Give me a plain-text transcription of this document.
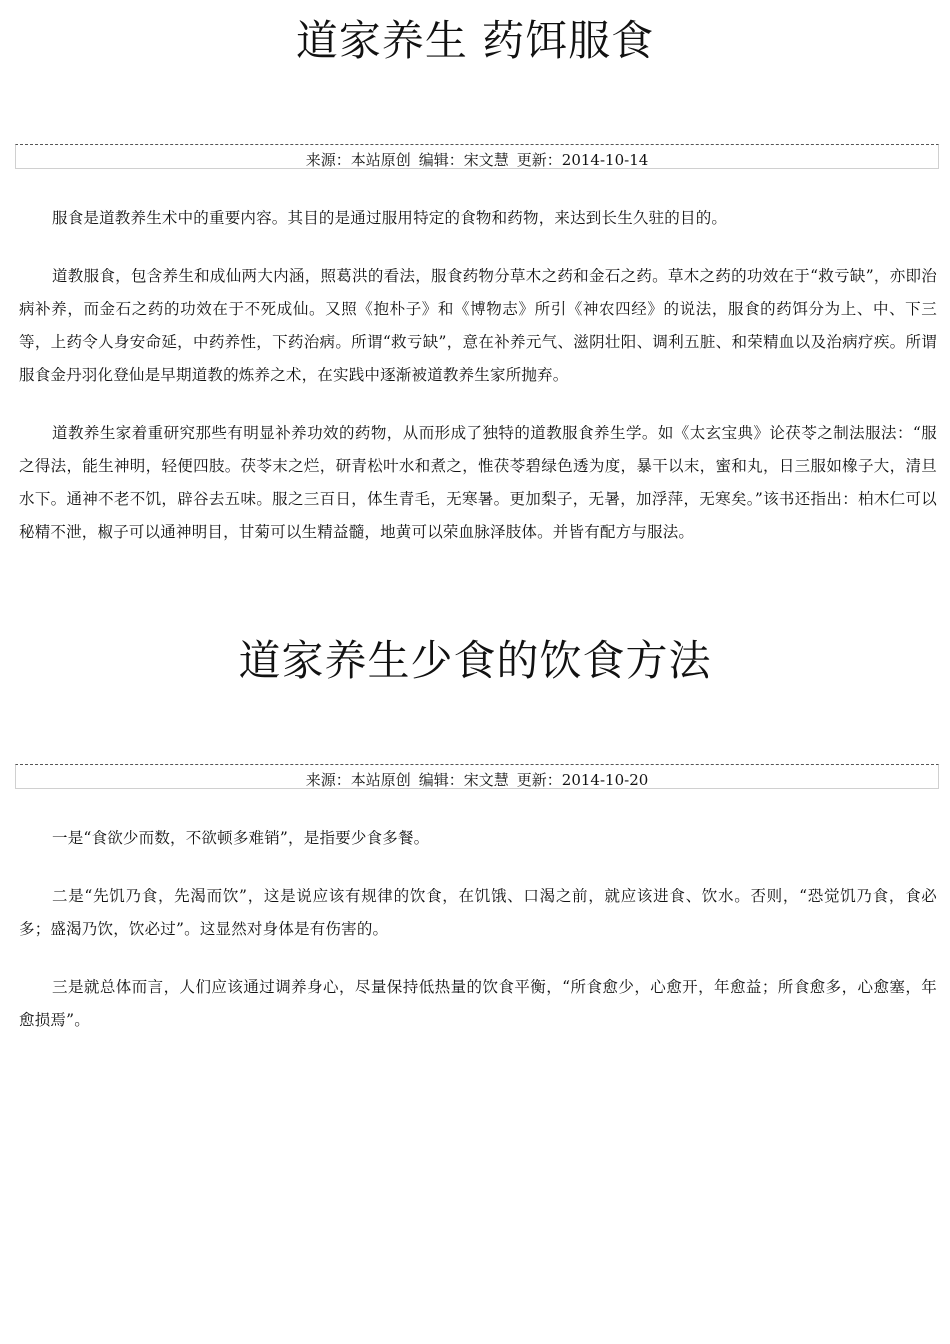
道家养生 药饵服食
来源：本站原创 编辑：宋文慧 更新：2014-10-14

服食是道教养生术中的重要内容。其目的是通过服用特定的食物和药物，来达到长生久驻的目的。

道教服食，包含养生和成仙两大内涵，照葛洪的看法，服食药物分草木之药和金石之药。草木之药的功效在于“救亏缺”，亦即治病补养，而金石之药的功效在于不死成仙。又照《抱朴子》和《博物志》所引《神农四经》的说法，服食的药饵分为上、中、下三等，上药令人身安命延，中药养性，下药治病。所谓“救亏缺”，意在补养元气、滋阴壮阳、调利五脏、和荣精血以及治病疗疾。所谓服食金丹羽化登仙是早期道教的炼养之术，在实践中逐渐被道教养生家所抛弃。

道教养生家着重研究那些有明显补养功效的药物，从而形成了独特的道教服食养生学。如《太玄宝典》论茯苓之制法服法：“服之得法，能生神明，轻便四肢。茯苓末之烂，研青松叶水和煮之，惟茯苓碧绿色透为度，暴干以末，蜜和丸，日三服如橡子大，清旦水下。通神不老不饥，辟谷去五味。服之三百日，体生青毛，无寒暑。更加梨子，无暑，加浮萍，无寒矣。”该书还指出：柏木仁可以秘精不泄，椒子可以通神明目，甘菊可以生精益髓，地黄可以荣血脉泽肢体。并皆有配方与服法。

道家养生少食的饮食方法
来源：本站原创 编辑：宋文慧 更新：2014-10-20

一是“食欲少而数，不欲顿多难销”，是指要少食多餐。

二是“先饥乃食，先渴而饮”，这是说应该有规律的饮食，在饥饿、口渴之前，就应该进食、饮水。否则，“恐觉饥乃食，食必多；盛渴乃饮，饮必过”。这显然对身体是有伤害的。

三是就总体而言，人们应该通过调养身心，尽量保持低热量的饮食平衡，“所食愈少，心愈开，年愈益；所食愈多，心愈塞，年愈损焉”。
